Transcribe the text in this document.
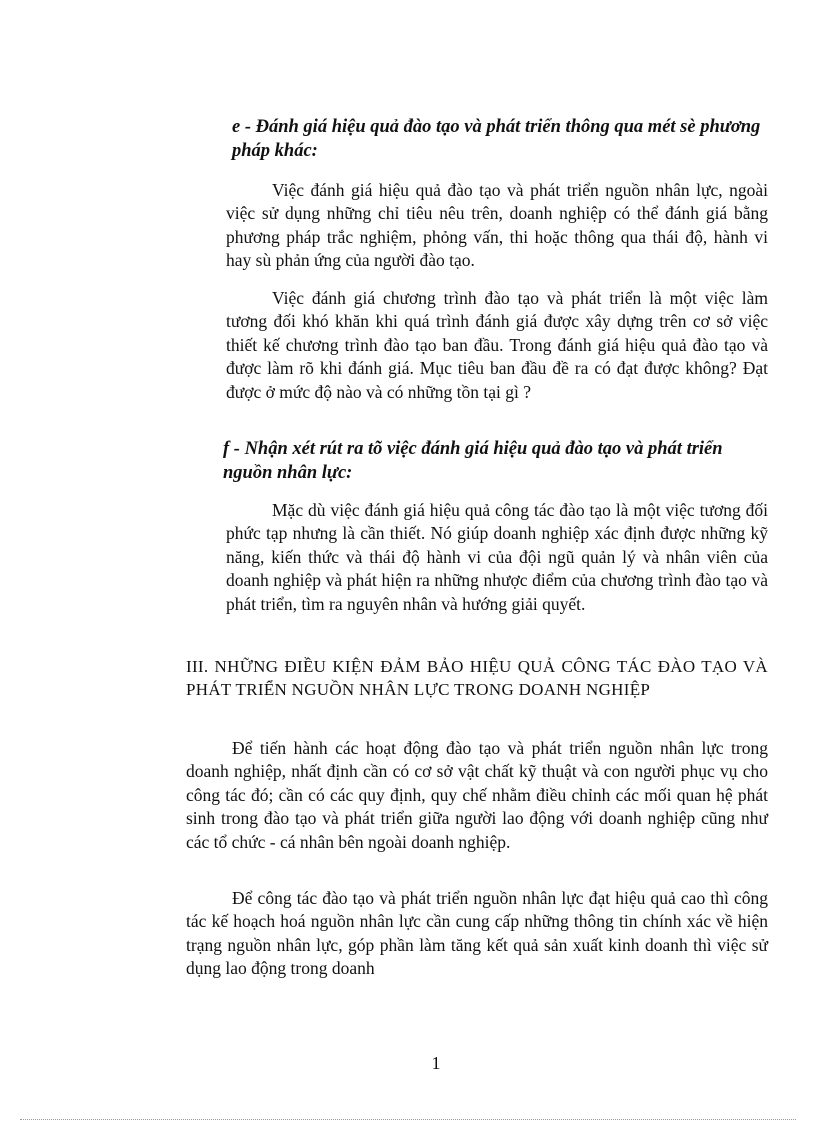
e - Đánh giá hiệu quả đào tạo và phát triển thông qua mét sè phương pháp khác:

Việc đánh giá hiệu quả đào tạo và phát triển nguồn nhân lực, ngoài việc sử dụng những chỉ tiêu nêu trên, doanh nghiệp có thể đánh giá bằng phương pháp trắc nghiệm, phỏng vấn, thi hoặc thông qua thái độ, hành vi hay sù phản ứng của người đào tạo.

Việc đánh giá chương trình đào tạo và phát triển là một việc làm tương đối khó khăn khi quá trình đánh giá được xây dựng trên cơ sở việc thiết kế chương trình đào tạo ban đầu. Trong đánh giá hiệu quả đào tạo và được làm rõ khi đánh giá. Mục tiêu ban đầu đề ra có đạt được không? Đạt được ở mức độ nào và có những tồn tại gì ?

f - Nhận xét rút ra tõ việc đánh giá hiệu quả đào tạo và phát triển nguồn nhân lực:

Mặc dù việc đánh giá hiệu quả công tác đào tạo là một việc tương đối phức tạp nhưng là cần thiết. Nó giúp doanh nghiệp xác định được những kỹ năng, kiến thức và thái độ hành vi của đội ngũ quản lý và nhân viên của doanh nghiệp và phát hiện ra những nhược điểm của chương trình đào tạo và phát triển, tìm ra nguyên nhân và hướng giải quyết.

III. NHỮNG ĐIỀU KIỆN ĐẢM BẢO HIỆU QUẢ CÔNG TÁC ĐÀO TẠO VÀ PHÁT TRIỂN NGUỒN NHÂN LỰC TRONG DOANH NGHIỆP

Để tiến hành các hoạt động đào tạo và phát triển nguồn nhân lực trong doanh nghiệp, nhất định cần có cơ sở vật chất kỹ thuật và con người phục vụ cho công tác đó; cần có các quy định, quy chế nhằm điều chỉnh các mối quan hệ phát sinh trong đào tạo và phát triển giữa người lao động với doanh nghiệp cũng như các tổ chức - cá nhân bên ngoài doanh nghiệp.

Để công tác đào tạo và phát triển nguồn nhân lực đạt hiệu quả cao thì công tác kế hoạch hoá nguồn nhân lực cần cung cấp những thông tin chính xác về hiện trạng nguồn nhân lực, góp phần làm tăng kết quả sản xuất kinh doanh thì việc sử dụng lao động trong doanh

1
